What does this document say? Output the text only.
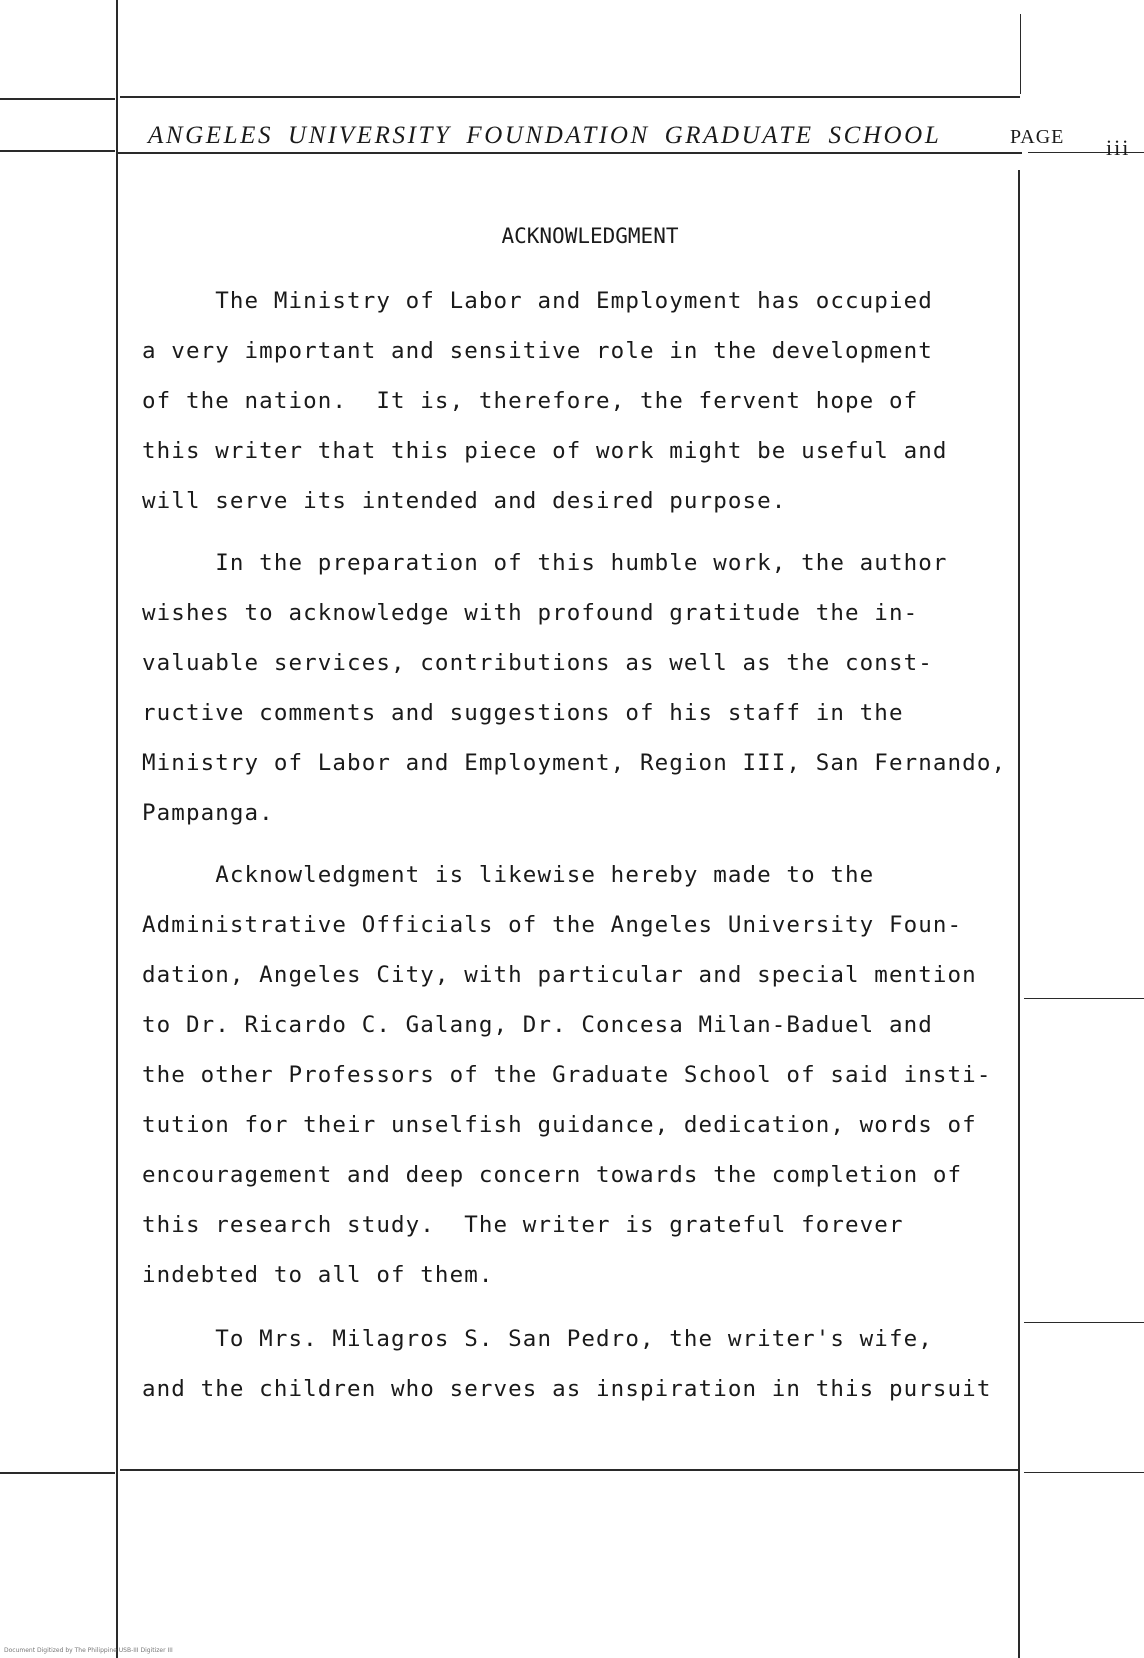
ANGELES UNIVERSITY FOUNDATION GRADUATE SCHOOL	PAGE iii
ACKNOWLEDGMENT
The Ministry of Labor and Employment has occupied
a very important and sensitive role in the development
of the nation.  It is, therefore, the fervent hope of
this writer that this piece of work might be useful and
will serve its intended and desired purpose.
In the preparation of this humble work, the author
wishes to acknowledge with profound gratitude the in-
valuable services, contributions as well as the const-
ructive comments and suggestions of his staff in the
Ministry of Labor and Employment, Region III, San Fernando,
Pampanga.
Acknowledgment is likewise hereby made to the
Administrative Officials of the Angeles University Foun-
dation, Angeles City, with particular and special mention
to Dr. Ricardo C. Galang, Dr. Concesa Milan-Baduel and
the other Professors of the Graduate School of said insti-
tution for their unselfish guidance, dedication, words of
encouragement and deep concern towards the completion of
this research study.  The writer is grateful forever
indebted to all of them.
To Mrs. Milagros S. San Pedro, the writer's wife,
and the children who serves as inspiration in this pursuit
Document Digitized by The Philippine USB-III Digitizer III
